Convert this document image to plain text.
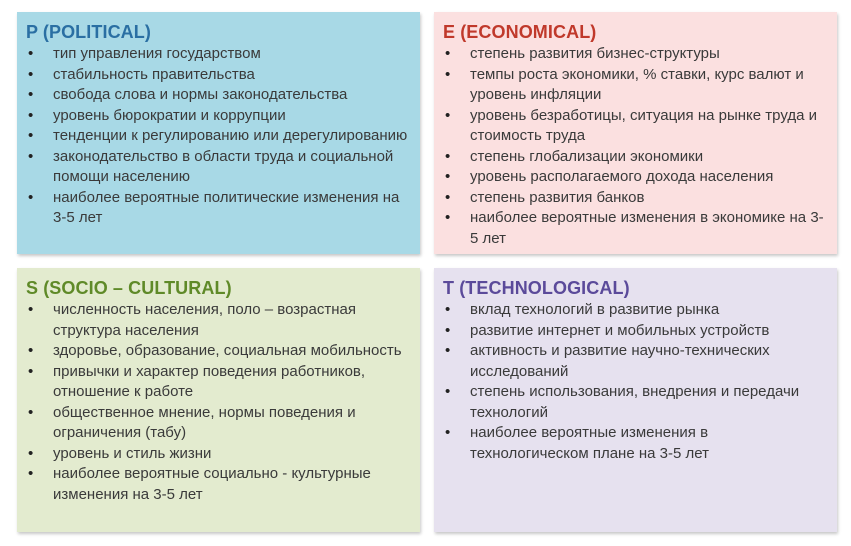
P (POLITICAL)
• тип управления государством
• стабильность правительства
• свобода слова и нормы законодательства
• уровень бюрократии и коррупции
• тенденции к регулированию или дерегулированию
• законодательство в области труда и социальной помощи населению
• наиболее вероятные политические изменения на 3-5 лет
E (ECONOMICAL)
• степень развития бизнес-структуры
• темпы роста экономики, % ставки, курс валют и уровень инфляции
• уровень безработицы, ситуация на рынке труда и стоимость труда
• степень глобализации экономики
• уровень располагаемого дохода населения
• степень развития банков
• наиболее вероятные изменения в экономике на 3-5 лет
S (SOCIO – CULTURAL)
• численность населения, поло – возрастная структура населения
• здоровье, образование, социальная мобильность
• привычки и характер поведения работников, отношение к работе
• общественное мнение, нормы поведения и ограничения (табу)
• уровень и стиль жизни
• наиболее вероятные социально - культурные изменения на 3-5 лет
T (TECHNOLOGICAL)
• вклад технологий в развитие рынка
• развитие интернет и мобильных устройств
• активность и развитие научно-технических исследований
• степень использования, внедрения и передачи технологий
• наиболее вероятные изменения в технологическом плане на 3-5 лет
